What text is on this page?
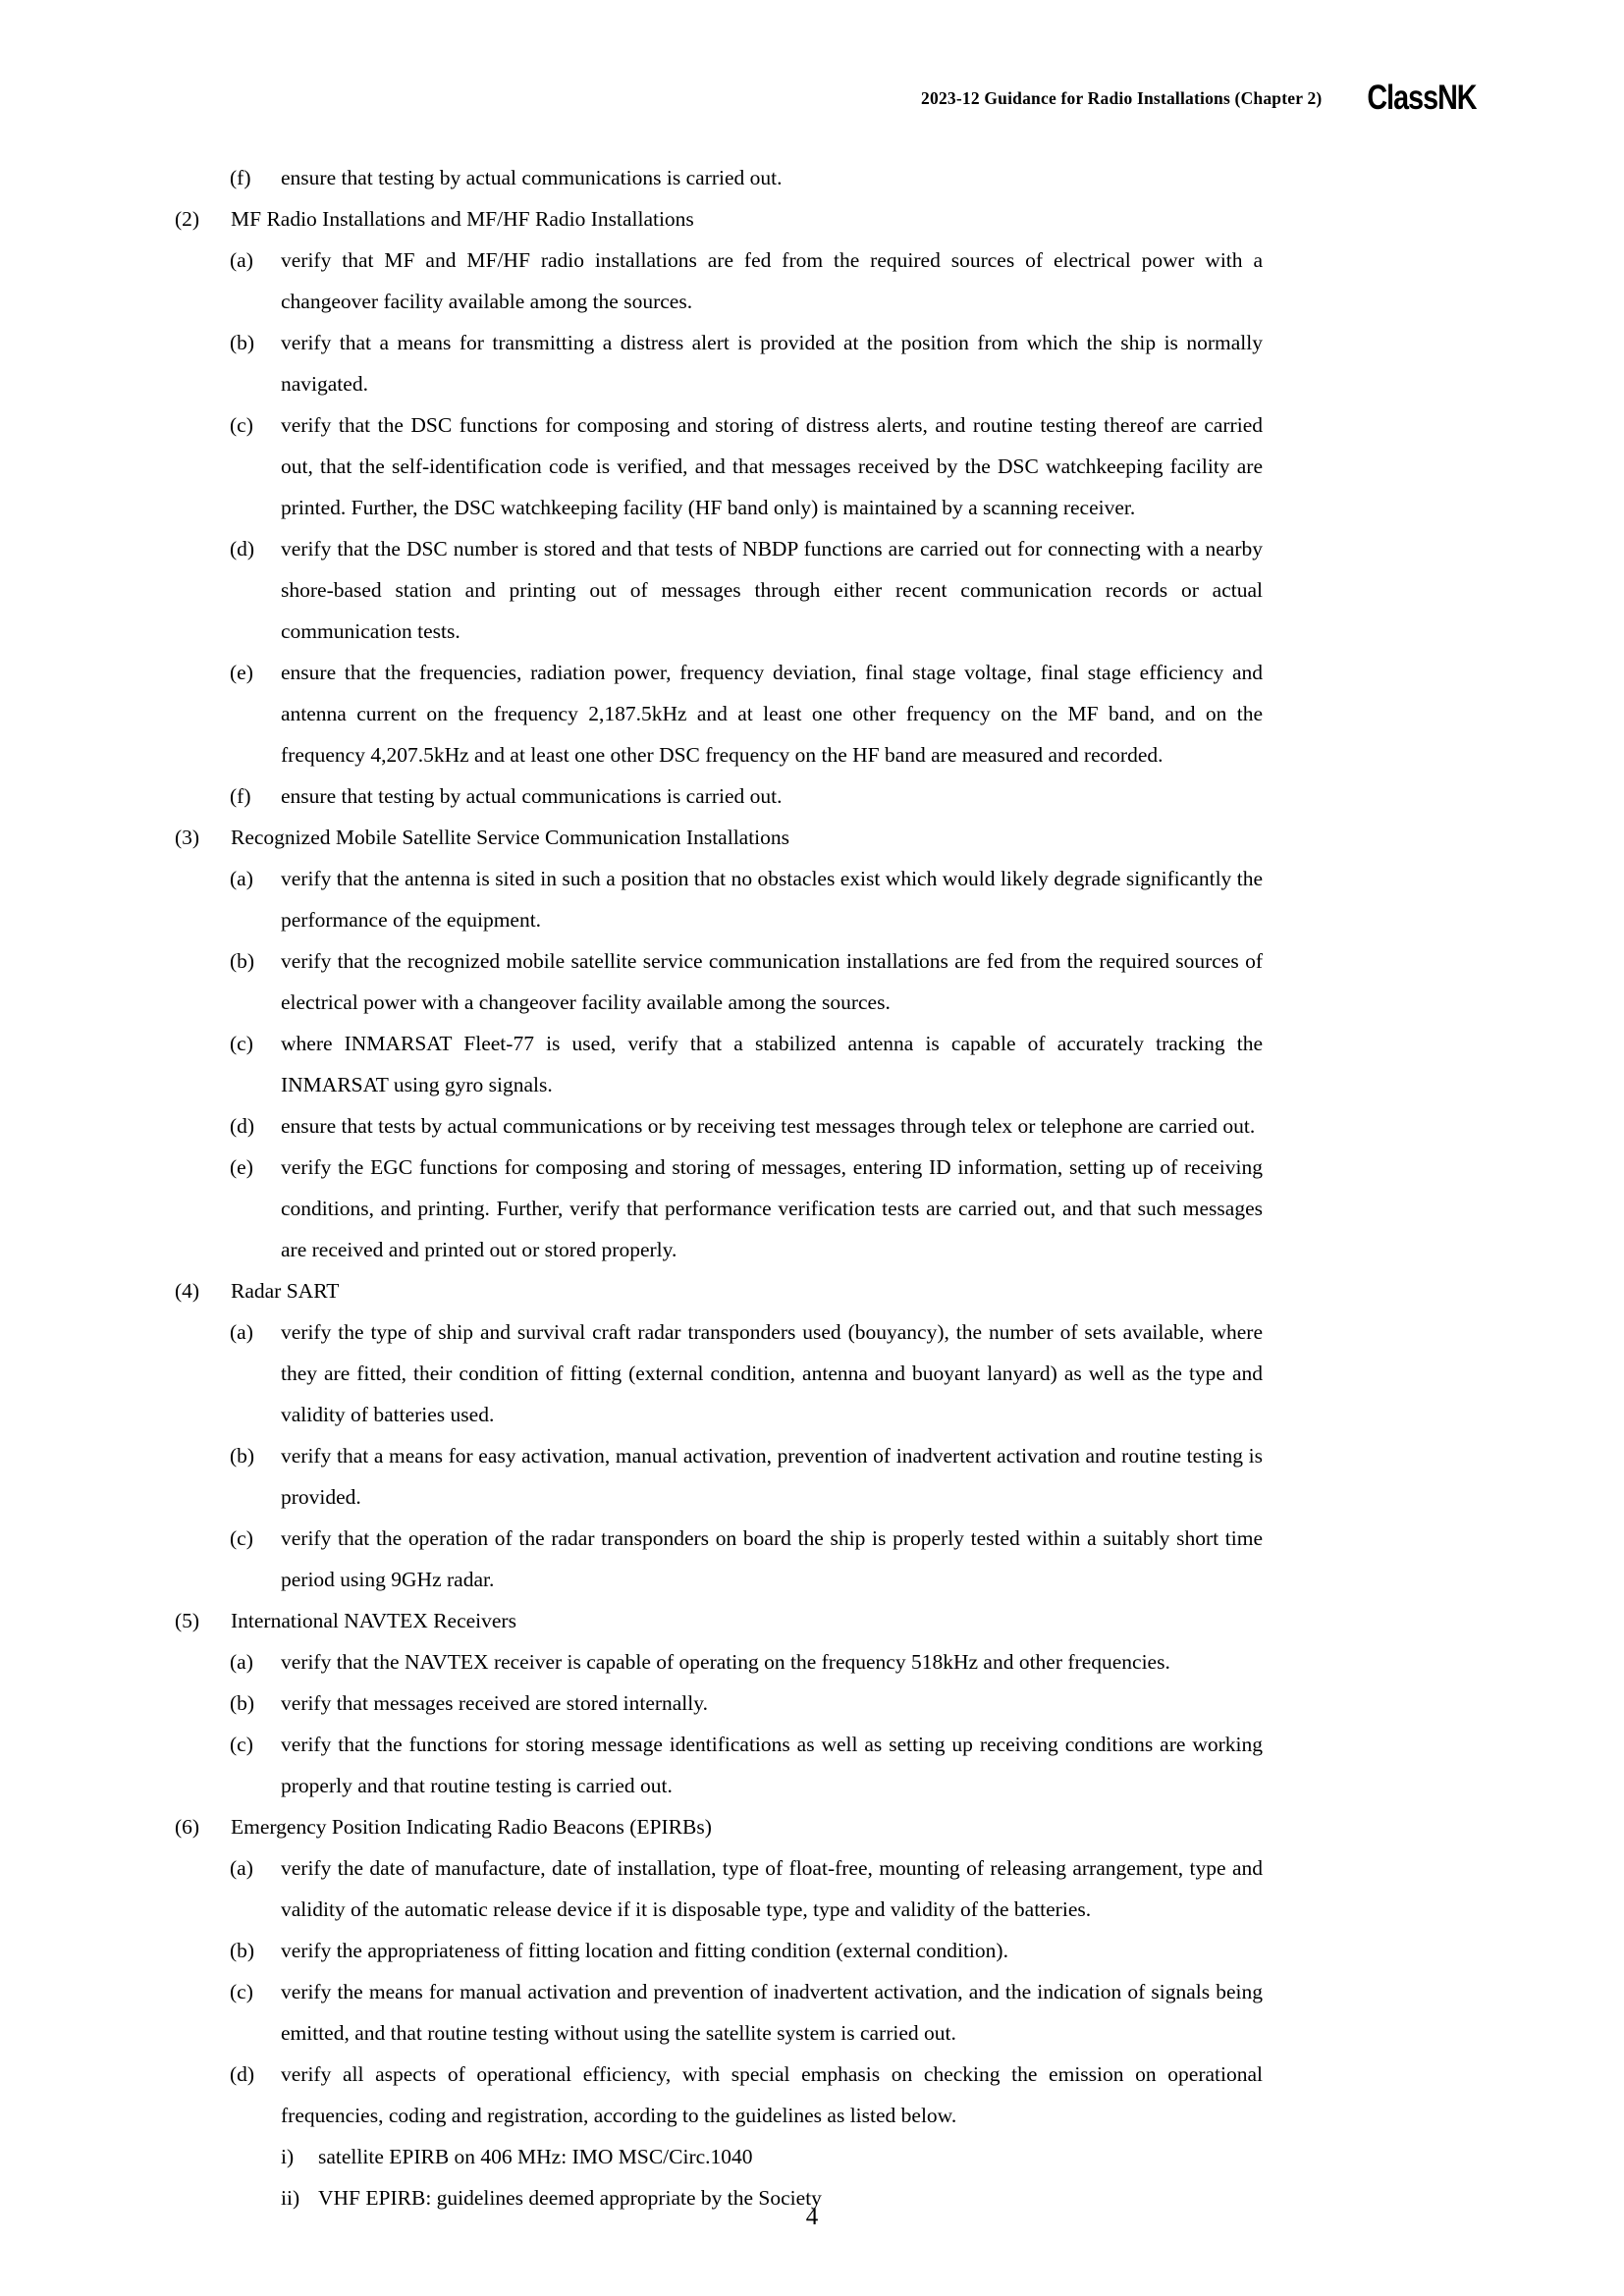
2023-12 Guidance for Radio Installations (Chapter 2) ClassNK
(f)	ensure that testing by actual communications is carried out.
(2)	MF Radio Installations and MF/HF Radio Installations
(a)	verify that MF and MF/HF radio installations are fed from the required sources of electrical power with a changeover facility available among the sources.
(b)	verify that a means for transmitting a distress alert is provided at the position from which the ship is normally navigated.
(c)	verify that the DSC functions for composing and storing of distress alerts, and routine testing thereof are carried out, that the self-identification code is verified, and that messages received by the DSC watchkeeping facility are printed. Further, the DSC watchkeeping facility (HF band only) is maintained by a scanning receiver.
(d)	verify that the DSC number is stored and that tests of NBDP functions are carried out for connecting with a nearby shore-based station and printing out of messages through either recent communication records or actual communication tests.
(e)	ensure that the frequencies, radiation power, frequency deviation, final stage voltage, final stage efficiency and antenna current on the frequency 2,187.5kHz and at least one other frequency on the MF band, and on the frequency 4,207.5kHz and at least one other DSC frequency on the HF band are measured and recorded.
(f)	ensure that testing by actual communications is carried out.
(3)	Recognized Mobile Satellite Service Communication Installations
(a)	verify that the antenna is sited in such a position that no obstacles exist which would likely degrade significantly the performance of the equipment.
(b)	verify that the recognized mobile satellite service communication installations are fed from the required sources of electrical power with a changeover facility available among the sources.
(c)	where INMARSAT Fleet-77 is used, verify that a stabilized antenna is capable of accurately tracking the INMARSAT using gyro signals.
(d)	ensure that tests by actual communications or by receiving test messages through telex or telephone are carried out.
(e)	verify the EGC functions for composing and storing of messages, entering ID information, setting up of receiving conditions, and printing. Further, verify that performance verification tests are carried out, and that such messages are received and printed out or stored properly.
(4)	Radar SART
(a)	verify the type of ship and survival craft radar transponders used (bouyancy), the number of sets available, where they are fitted, their condition of fitting (external condition, antenna and buoyant lanyard) as well as the type and validity of batteries used.
(b)	verify that a means for easy activation, manual activation, prevention of inadvertent activation and routine testing is provided.
(c)	verify that the operation of the radar transponders on board the ship is properly tested within a suitably short time period using 9GHz radar.
(5)	International NAVTEX Receivers
(a)	verify that the NAVTEX receiver is capable of operating on the frequency 518kHz and other frequencies.
(b)	verify that messages received are stored internally.
(c)	verify that the functions for storing message identifications as well as setting up receiving conditions are working properly and that routine testing is carried out.
(6)	Emergency Position Indicating Radio Beacons (EPIRBs)
(a)	verify the date of manufacture, date of installation, type of float-free, mounting of releasing arrangement, type and validity of the automatic release device if it is disposable type, type and validity of the batteries.
(b)	verify the appropriateness of fitting location and fitting condition (external condition).
(c)	verify the means for manual activation and prevention of inadvertent activation, and the indication of signals being emitted, and that routine testing without using the satellite system is carried out.
(d)	verify all aspects of operational efficiency, with special emphasis on checking the emission on operational frequencies, coding and registration, according to the guidelines as listed below.
i)	satellite EPIRB on 406 MHz: IMO MSC/Circ.1040
ii) VHF EPIRB: guidelines deemed appropriate by the Society
4
